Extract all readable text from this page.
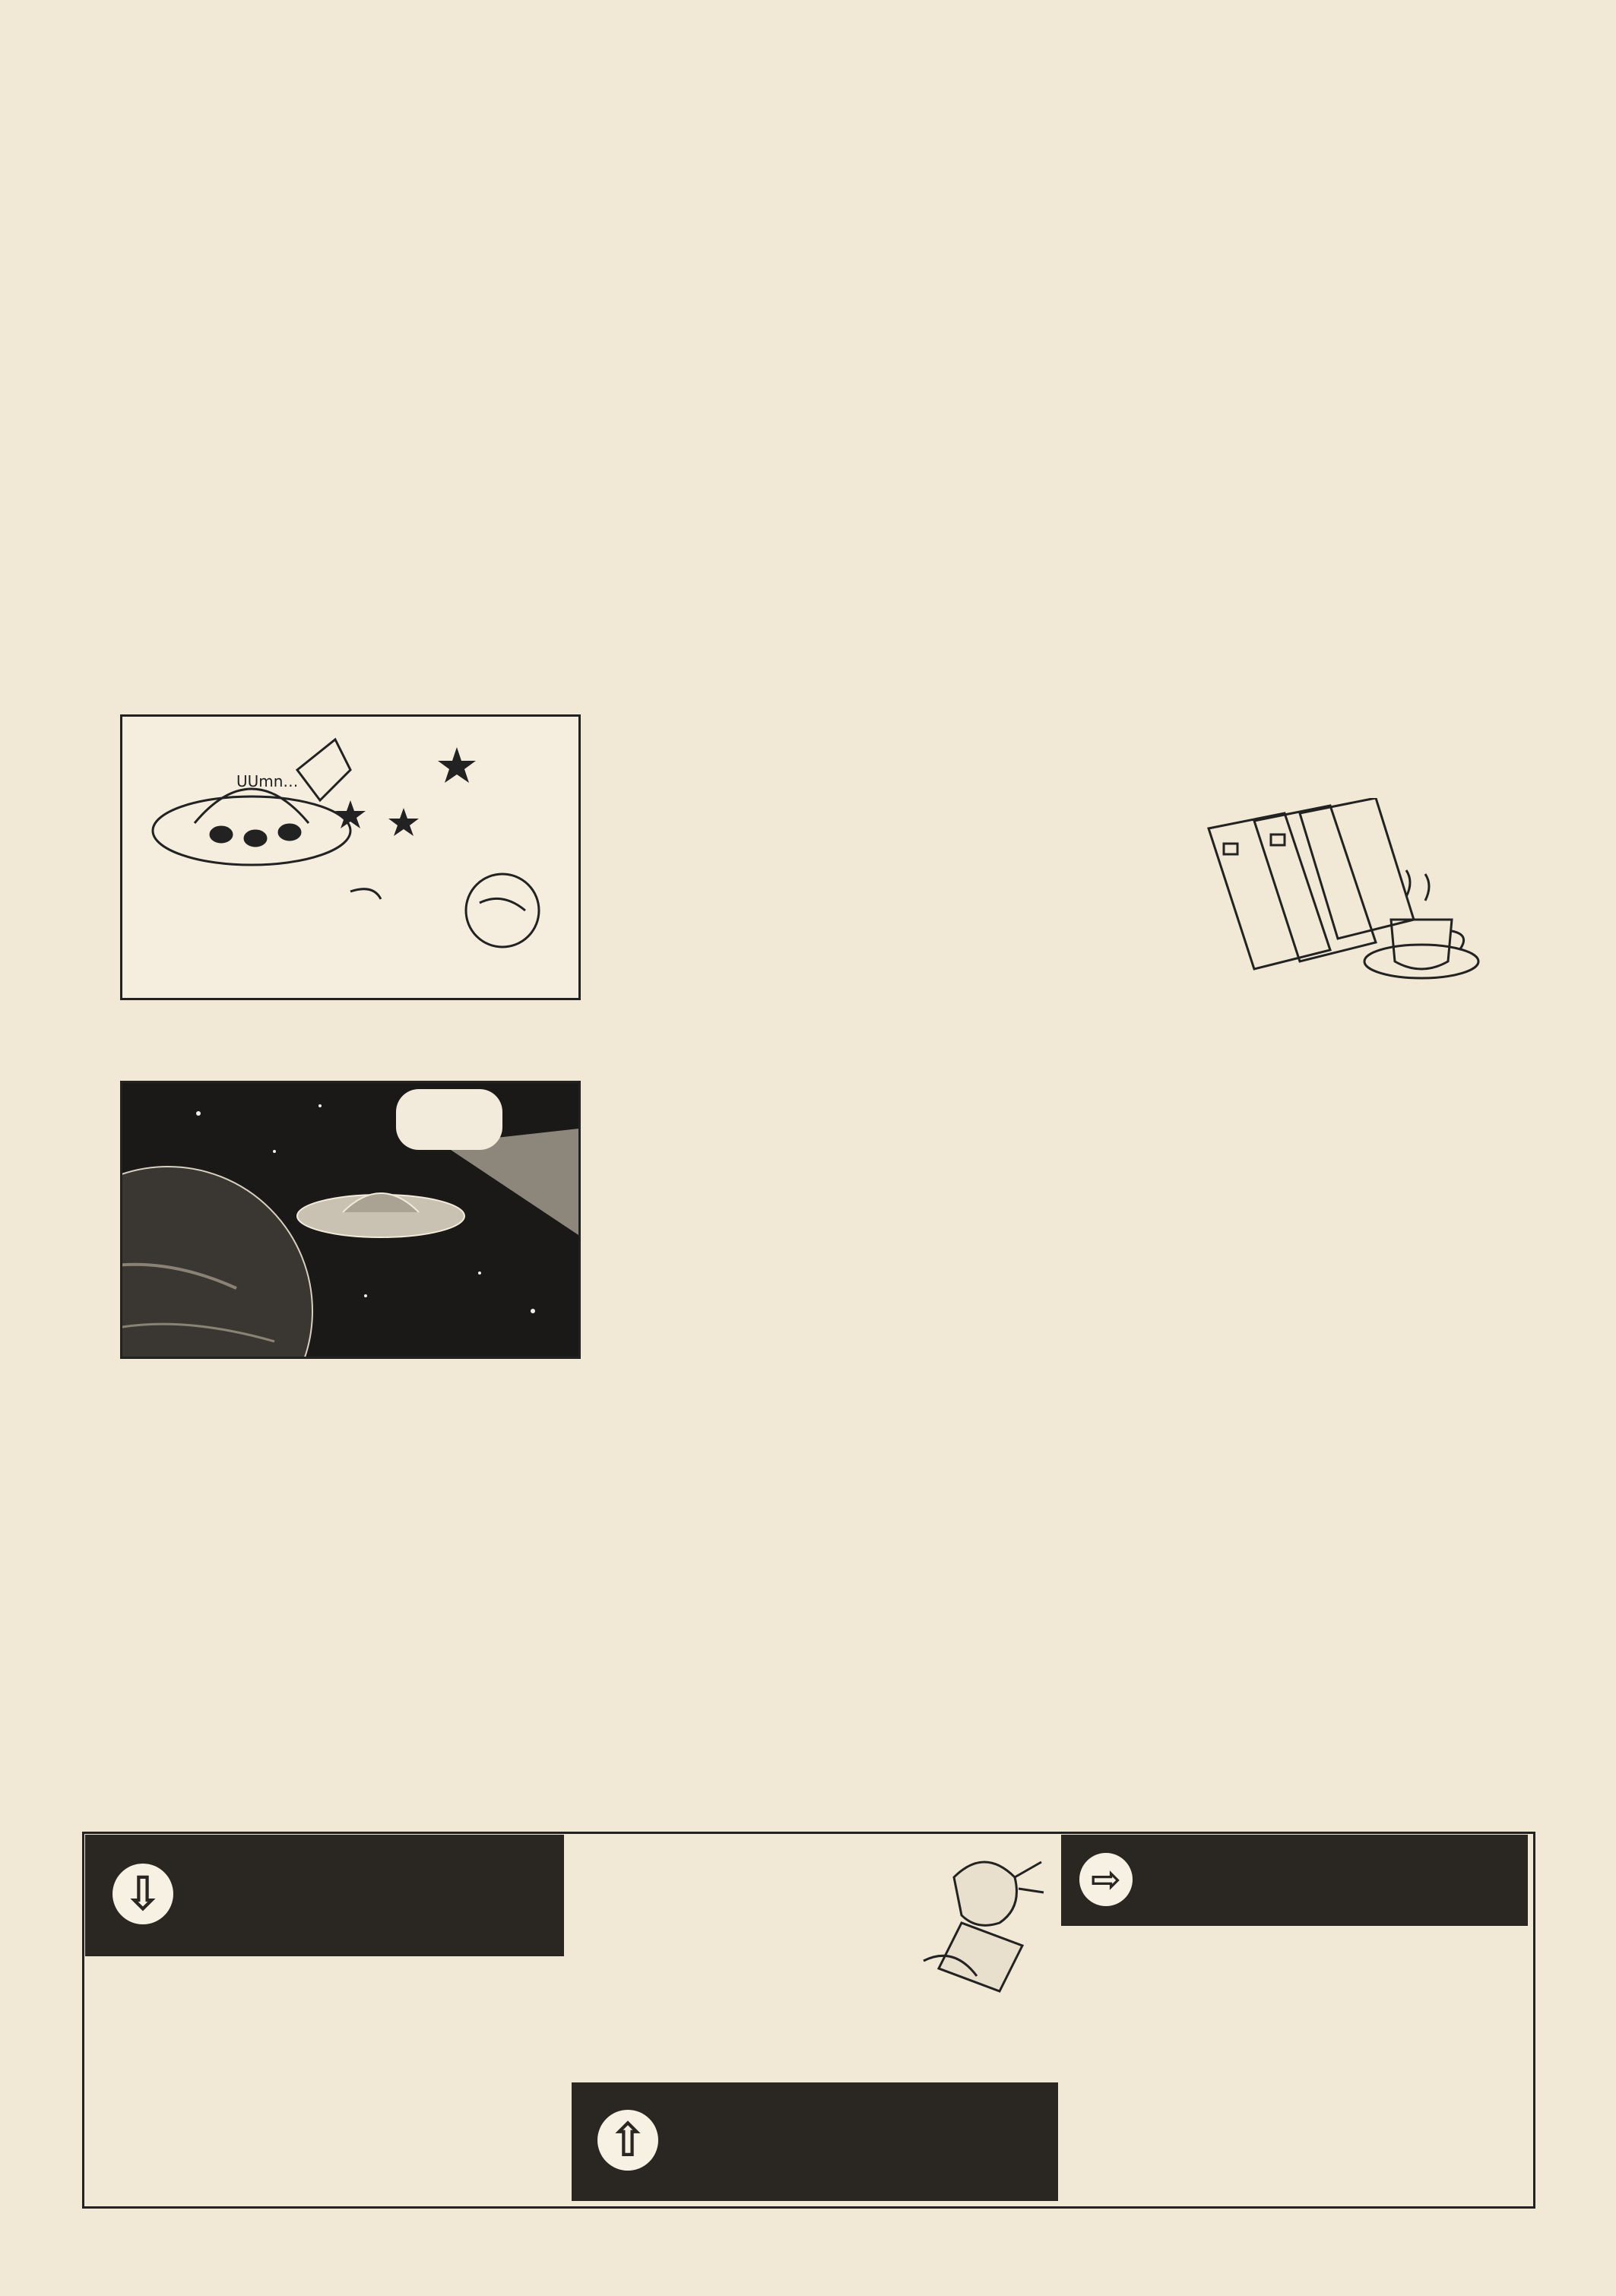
UUmn…
⇩
⇧
⇨
